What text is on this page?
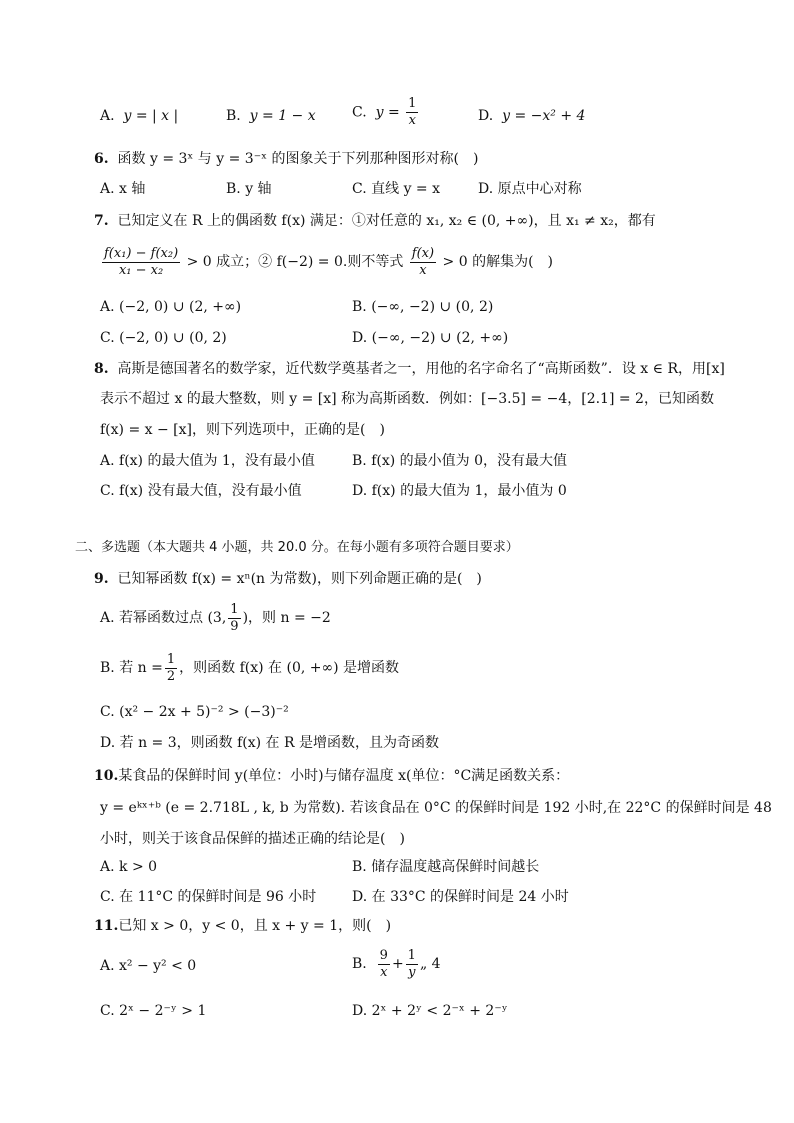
A. y = | x |	B. y = 1 − x	C. $y = \frac{1}{x}$	D. y = −x² + 4
6. 函数 y = 3ˣ 与 y = 3⁻ˣ 的图象关于下列那种图形对称(　)
A. x 轴	B. y 轴	C. 直线 y = x	D. 原点中心对称
7. 已知定义在 R 上的偶函数 f(x) 满足：①对任意的 x₁, x₂ ∈ (0, +∞)，且 x₁ ≠ x₂，都有
$\frac{\text{f(x₁) − f(x₂)}}{\text{x₁ − x₂}} > 0$ 成立；② f(−2) = 0.则不等式 $\frac{f(x)}{x} > 0$ 的解集为(　)
A. (−2, 0) ∪ (2, +∞)	B. (−∞, −2) ∪ (0, 2)
C. (−2, 0) ∪ (0, 2)	D. (−∞, −2) ∪ (2, +∞)
8. 高斯是德国著名的数学家，近代数学奠基者之一，用他的名字命名了“高斯函数”．设 x ∈ R，用[x]
表示不超过 x 的最大整数，则 y = [x] 称为高斯函数．例如：[−3.5] = −4，[2.1] = 2，已知函数
f(x) = x − [x]，则下列选项中，正确的是(　)
A. f(x) 的最大值为 1，没有最小值	B. f(x) 的最小值为 0，没有最大值
C. f(x) 没有最大值，没有最小值	D. f(x) 的最大值为 1，最小值为 0
二、多选题（本大题共 4 小题，共 20.0 分。在每小题有多项符合题目要求）
9. 已知幂函数 f(x) = xⁿ(n 为常数)，则下列命题正确的是(　)
A. 若幂函数过点 (3, $\frac{1}{9}$ )，则 n = −2
B. 若 $n = \frac{1}{2}$ ，则函数 f(x) 在 (0, +∞) 是增函数
C. (x² − 2x + 5)⁻² > (−3)⁻²
D. 若 n = 3，则函数 f(x) 在 R 是增函数，且为奇函数
10.某食品的保鲜时间 y(单位：小时)与储存温度 x(单位：°C满足函数关系：
y = eᵏˣ⁺ᵇ (e = 2.718L , k, b 为常数). 若该食品在 0°C 的保鲜时间是 192 小时,在 22°C 的保鲜时间是 48
小时，则关于该食品保鲜的描述正确的结论是(　)
A. k > 0	B. 储存温度越高保鲜时间越长
C. 在 11°C 的保鲜时间是 96 小时	D. 在 33°C 的保鲜时间是 24 小时
11.已知 x > 0，y < 0，且 x + y = 1，则(　)
A. x² − y² < 0	B. $\frac{9}{x} + \frac{1}{y}$ „ 4
C. 2ˣ − 2⁻ʸ > 1	D. 2ˣ + 2ʸ < 2⁻ˣ + 2⁻ʸ
